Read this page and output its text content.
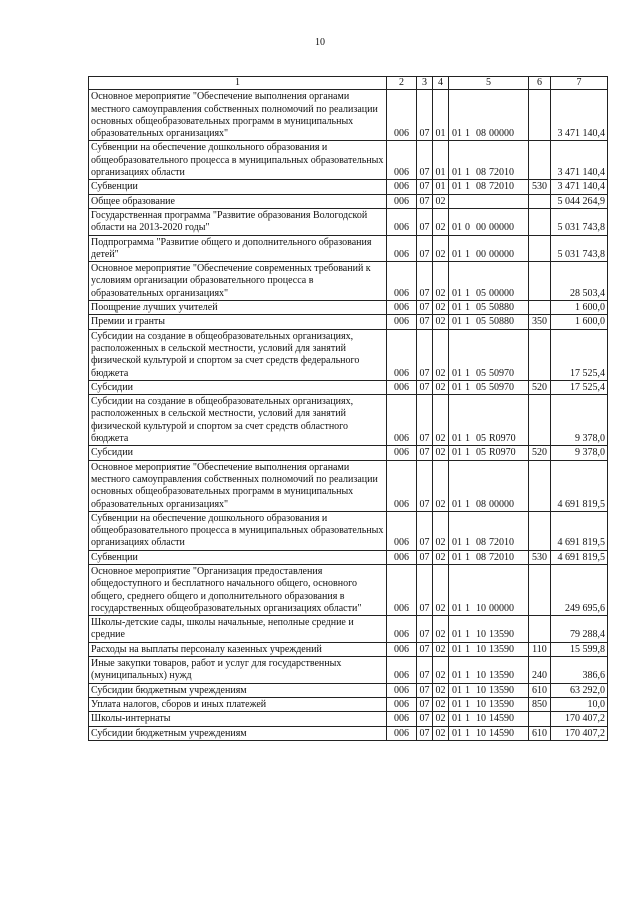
10
1	2	3	4	5	6	7
Основное мероприятие "Обеспечение выполнения органами местного самоуправления собственных полномочий по реализации основных общеобразовательных программ в муниципальных образовательных организациях"	006	07	01	01 1 08 00000		3 471 140,4
Субвенции на обеспечение дошкольного образования и общеобразовательного процесса в муниципальных образовательных организациях области	006	07	01	01 1 08 72010		3 471 140,4
Субвенции	006	07	01	01 1 08 72010	530	3 471 140,4
Общее образование	006	07	02			5 044 264,9
Государственная программа "Развитие образования Вологодской области на 2013-2020 годы"	006	07	02	01 0 00 00000		5 031 743,8
Подпрограмма "Развитие общего и дополнительного образования детей"	006	07	02	01 1 00 00000		5 031 743,8
Основное мероприятие "Обеспечение современных требований к условиям организации образовательного процесса в образовательных организациях"	006	07	02	01 1 05 00000		28 503,4
Поощрение лучших учителей	006	07	02	01 1 05 50880		1 600,0
Премии и гранты	006	07	02	01 1 05 50880	350	1 600,0
Субсидии на создание в общеобразовательных организациях, расположенных в сельской местности, условий для занятий физической культурой и спортом за счет средств федерального бюджета	006	07	02	01 1 05 50970		17 525,4
Субсидии	006	07	02	01 1 05 50970	520	17 525,4
Субсидии на создание в общеобразовательных организациях, расположенных в сельской местности, условий для занятий физической культурой и спортом за счет средств областного бюджета	006	07	02	01 1 05 R0970		9 378,0
Субсидии	006	07	02	01 1 05 R0970	520	9 378,0
Основное мероприятие "Обеспечение выполнения органами местного самоуправления собственных полномочий по реализации основных общеобразовательных программ в муниципальных образовательных организациях"	006	07	02	01 1 08 00000		4 691 819,5
Субвенции на обеспечение дошкольного образования и общеобразовательного процесса в муниципальных образовательных организациях области	006	07	02	01 1 08 72010		4 691 819,5
Субвенции	006	07	02	01 1 08 72010	530	4 691 819,5
Основное мероприятие "Организация предоставления общедоступного и бесплатного начального общего, основного общего, среднего общего и дополнительного образования в государственных общеобразовательных организациях области"	006	07	02	01 1 10 00000		249 695,6
Школы-детские сады, школы начальные, неполные средние и средние	006	07	02	01 1 10 13590		79 288,4
Расходы на выплаты персоналу казенных учреждений	006	07	02	01 1 10 13590	110	15 599,8
Иные закупки товаров, работ и услуг для государственных (муниципальных) нужд	006	07	02	01 1 10 13590	240	386,6
Субсидии бюджетным учреждениям	006	07	02	01 1 10 13590	610	63 292,0
Уплата налогов, сборов и иных платежей	006	07	02	01 1 10 13590	850	10,0
Школы-интернаты	006	07	02	01 1 10 14590		170 407,2
Субсидии бюджетным учреждениям	006	07	02	01 1 10 14590	610	170 407,2
